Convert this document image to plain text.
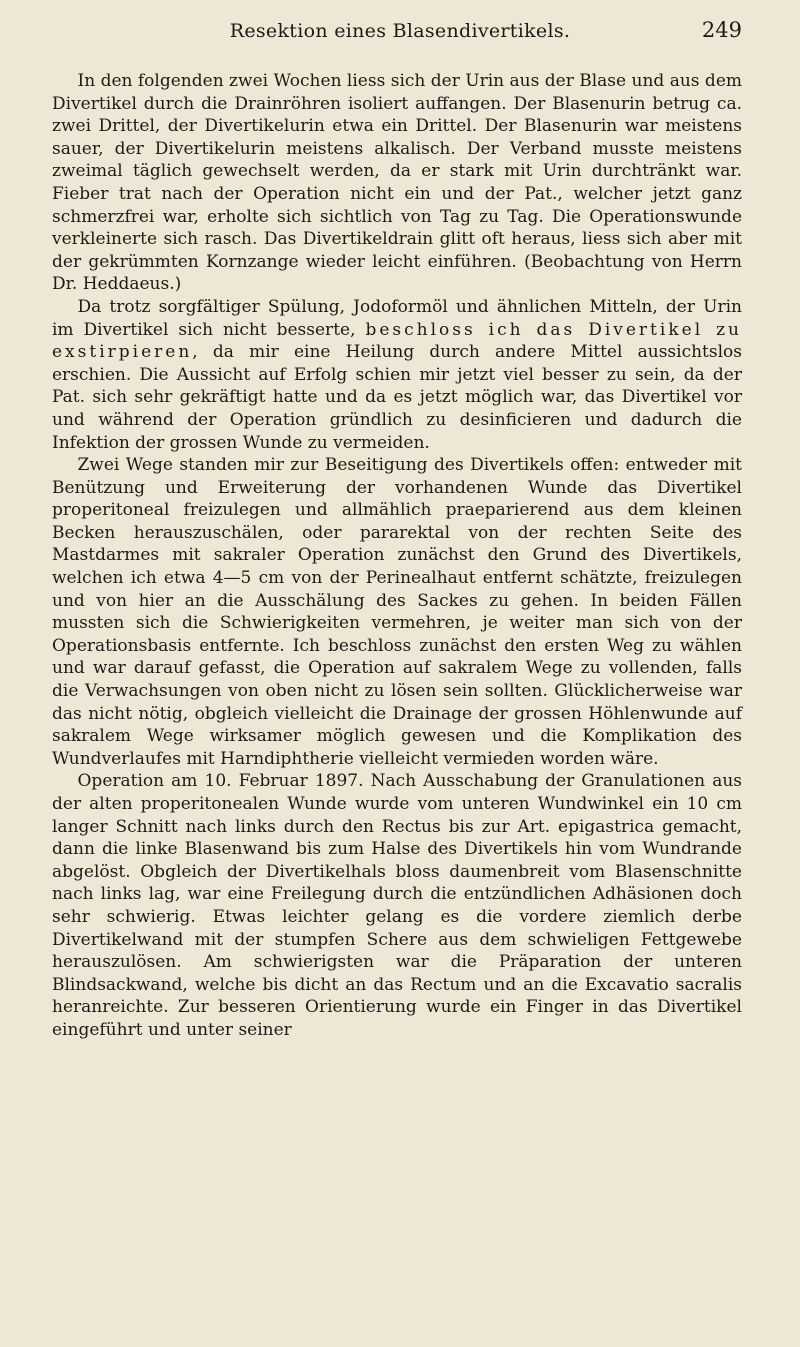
Resektion eines Blasendivertikels.	249

In den folgenden zwei Wochen liess sich der Urin aus der Blase und aus dem Divertikel durch die Drainröhren isoliert auffangen. Der Blasenurin betrug ca. zwei Drittel, der Divertikelurin etwa ein Drittel. Der Blasenurin war meistens sauer, der Divertikelurin meistens alkalisch. Der Verband musste meistens zweimal täglich gewechselt werden, da er stark mit Urin durchtränkt war. Fieber trat nach der Operation nicht ein und der Pat., welcher jetzt ganz schmerzfrei war, erholte sich sichtlich von Tag zu Tag. Die Operationswunde verkleinerte sich rasch. Das Divertikeldrain glitt oft heraus, liess sich aber mit der gekrümmten Kornzange wieder leicht einführen. (Beobachtung von Herrn Dr. Heddaeus.)

Da trotz sorgfältiger Spülung, Jodoformöl und ähnlichen Mitteln, der Urin im Divertikel sich nicht besserte, beschloss ich das Divertikel zu exstirpieren, da mir eine Heilung durch andere Mittel aussichtslos erschien. Die Aussicht auf Erfolg schien mir jetzt viel besser zu sein, da der Pat. sich sehr gekräftigt hatte und da es jetzt möglich war, das Divertikel vor und während der Operation gründlich zu desinficieren und dadurch die Infektion der grossen Wunde zu vermeiden.

Zwei Wege standen mir zur Beseitigung des Divertikels offen: entweder mit Benützung und Erweiterung der vorhandenen Wunde das Divertikel properitoneal freizulegen und allmählich praeparierend aus dem kleinen Becken herauszuschälen, oder pararektal von der rechten Seite des Mastdarmes mit sakraler Operation zunächst den Grund des Divertikels, welchen ich etwa 4—5 cm von der Perinealhaut entfernt schätzte, freizulegen und von hier an die Ausschälung des Sackes zu gehen. In beiden Fällen mussten sich die Schwierigkeiten vermehren, je weiter man sich von der Operationsbasis entfernte. Ich beschloss zunächst den ersten Weg zu wählen und war darauf gefasst, die Operation auf sakralem Wege zu vollenden, falls die Verwachsungen von oben nicht zu lösen sein sollten. Glücklicherweise war das nicht nötig, obgleich vielleicht die Drainage der grossen Höhlenwunde auf sakralem Wege wirksamer möglich gewesen und die Komplikation des Wundverlaufes mit Harndiphtherie vielleicht vermieden worden wäre.

Operation am 10. Februar 1897. Nach Ausschabung der Granulationen aus der alten properitonealen Wunde wurde vom unteren Wundwinkel ein 10 cm langer Schnitt nach links durch den Rectus bis zur Art. epigastrica gemacht, dann die linke Blasenwand bis zum Halse des Divertikels hin vom Wundrande abgelöst. Obgleich der Divertikelhals bloss daumenbreit vom Blasenschnitte nach links lag, war eine Freilegung durch die entzündlichen Adhäsionen doch sehr schwierig. Etwas leichter gelang es die vordere ziemlich derbe Divertikelwand mit der stumpfen Schere aus dem schwieligen Fettgewebe herauszulösen. Am schwierigsten war die Präparation der unteren Blindsackwand, welche bis dicht an das Rectum und an die Excavatio sacralis heranreichte. Zur besseren Orientierung wurde ein Finger in das Divertikel eingeführt und unter seiner
